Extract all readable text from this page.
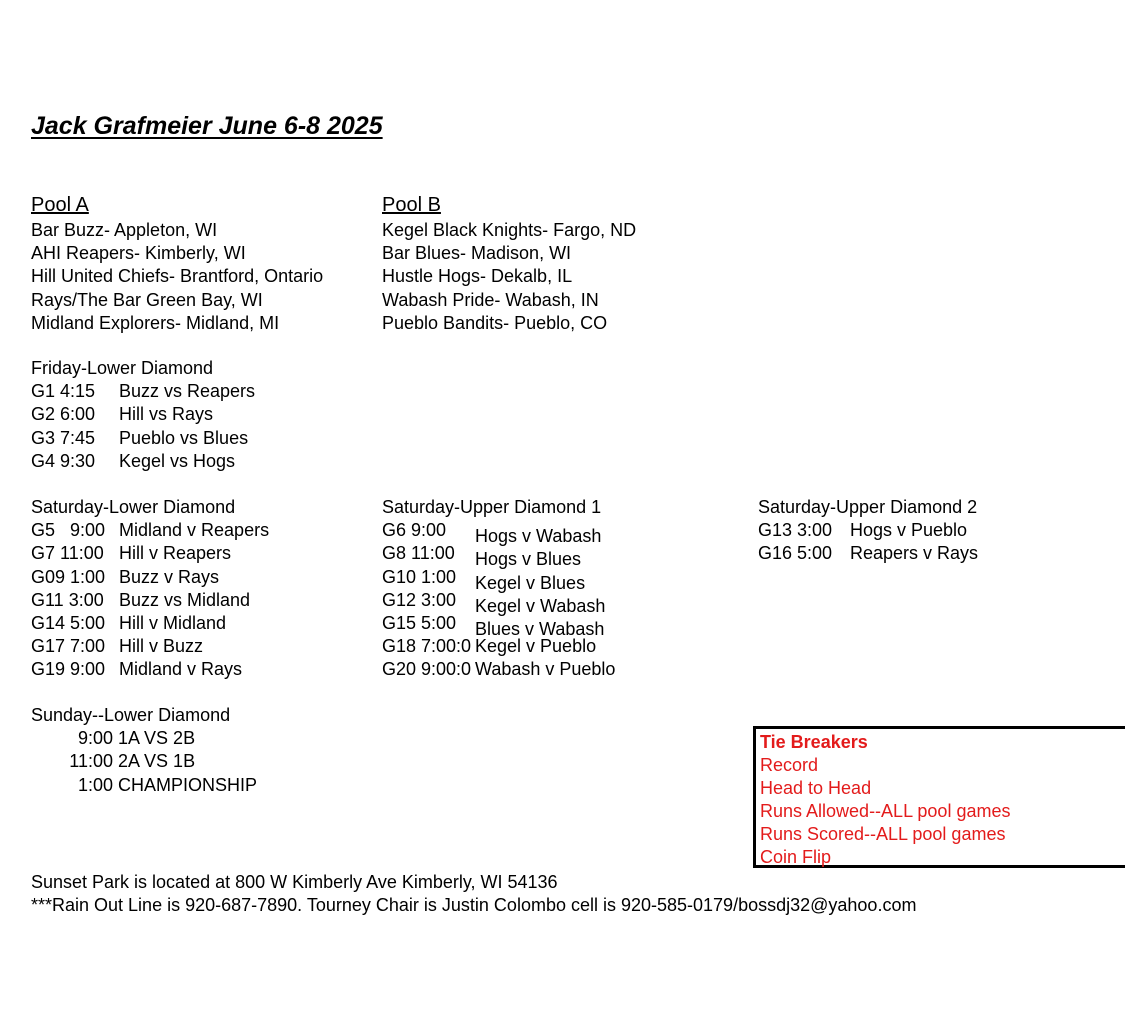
Jack Grafmeier June 6-8 2025
Pool A
Bar Buzz- Appleton, WI
AHI Reapers- Kimberly, WI
Hill United Chiefs- Brantford, Ontario
Rays/The Bar Green Bay, WI
Midland Explorers- Midland, MI
Pool B
Kegel Black Knights- Fargo, ND
Bar Blues- Madison, WI
Hustle Hogs- Dekalb, IL
Wabash Pride- Wabash, IN
Pueblo Bandits- Pueblo, CO
Friday-Lower Diamond
G1 4:15 Buzz vs Reapers
G2 6:00 Hill vs Rays
G3 7:45 Pueblo vs Blues
G4 9:30 Kegel vs Hogs
Saturday-Lower Diamond
G5   9:00 Midland v Reapers
G7 11:00 Hill v Reapers
G09 1:00 Buzz v Rays
G11 3:00 Buzz vs Midland
G14 5:00 Hill v Midland
G17 7:00 Hill v Buzz
G19 9:00 Midland v Rays
Saturday-Upper Diamond 1
G6 9:00 Hogs v Wabash
G8 11:00 Hogs v Blues
G10 1:00 Kegel v Blues
G12 3:00 Kegel v Wabash
G15 5:00 Blues v Wabash
G18 7:00:0 Kegel v Pueblo
G20 9:00:0 Wabash v Pueblo
Saturday-Upper Diamond 2
G13 3:00 Hogs v Pueblo
G16 5:00 Reapers v Rays
Sunday--Lower Diamond
9:00 1A VS 2B
11:00 2A VS 1B
1:00 CHAMPIONSHIP
Tie Breakers
Record
Head to Head
Runs Allowed--ALL pool games
Runs Scored--ALL pool games
Coin Flip
Sunset Park is located at 800 W Kimberly Ave Kimberly, WI 54136
***Rain Out Line is 920-687-7890. Tourney Chair is Justin Colombo cell is 920-585-0179/bossdj32@yahoo.com
